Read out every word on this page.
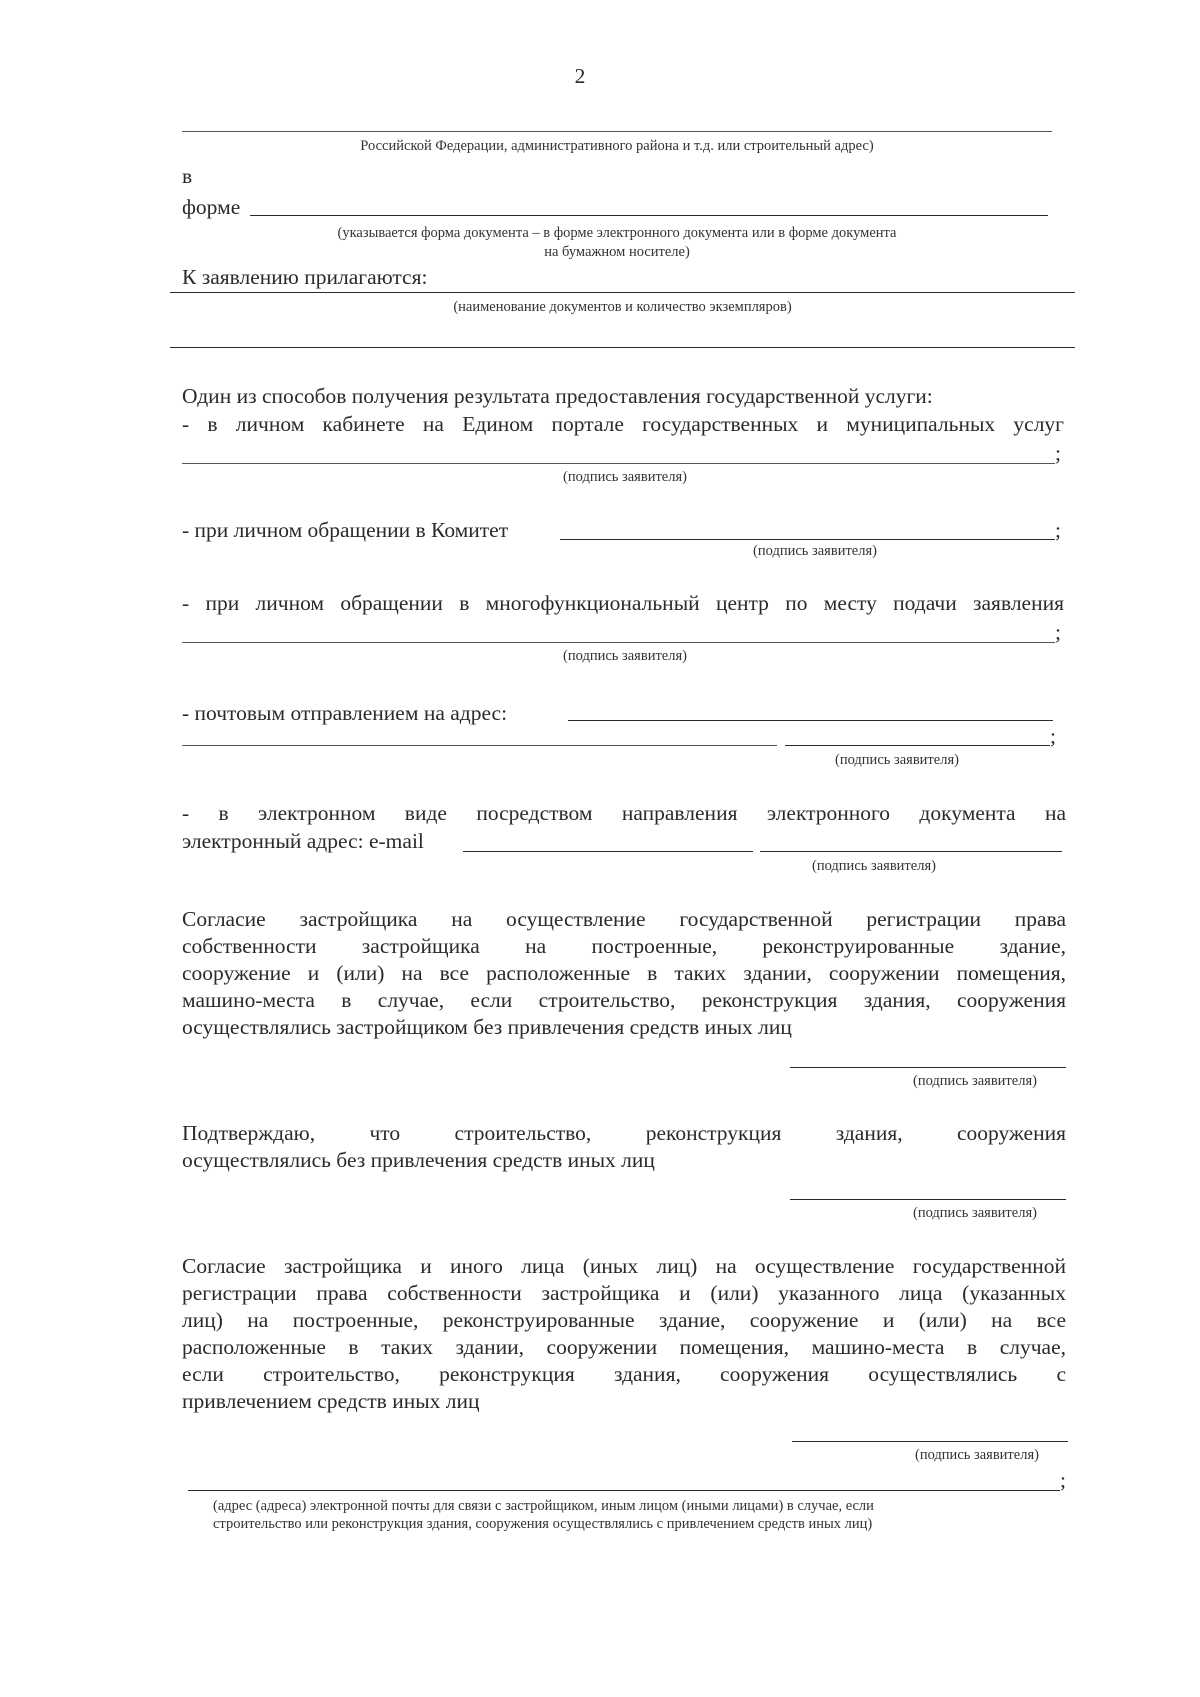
2
Российской Федерации, административного района и т.д. или строительный адрес)
в
форме
(указывается форма документа – в форме электронного документа или в форме документа
на бумажном носителе)
К заявлению прилагаются:
(наименование документов и количество экземпляров)
Один из способов получения результата предоставления государственной услуги:
- в личном кабинете на Едином портале государственных и муниципальных услуг
;
(подпись заявителя)
- при личном обращении в Комитет	;
(подпись заявителя)
- при личном обращении в многофункциональный центр по месту подачи заявления
;
(подпись заявителя)
- почтовым отправлением на адрес:
;
(подпись заявителя)
- в электронном виде посредством направления электронного документа на
электронный адрес: e-mail
(подпись заявителя)
Согласие застройщика на осуществление государственной регистрации права
собственности застройщика на построенные, реконструированные здание,
сооружение и (или) на все расположенные в таких здании, сооружении помещения,
машино-места в случае, если строительство, реконструкция здания, сооружения
осуществлялись застройщиком без привлечения средств иных лиц
(подпись заявителя)
Подтверждаю, что строительство, реконструкция здания, сооружения
осуществлялись без привлечения средств иных лиц
(подпись заявителя)
Согласие застройщика и иного лица (иных лиц) на осуществление государственной
регистрации права собственности застройщика и (или) указанного лица (указанных
лиц) на построенные, реконструированные здание, сооружение и (или) на все
расположенные в таких здании, сооружении помещения, машино-места в случае,
если строительство, реконструкция здания, сооружения осуществлялись с
привлечением средств иных лиц
(подпись заявителя)
;
(адрес (адреса) электронной почты для связи с застройщиком, иным лицом (иными лицами) в случае, если
строительство или реконструкция здания, сооружения осуществлялись с привлечением средств иных лиц)
